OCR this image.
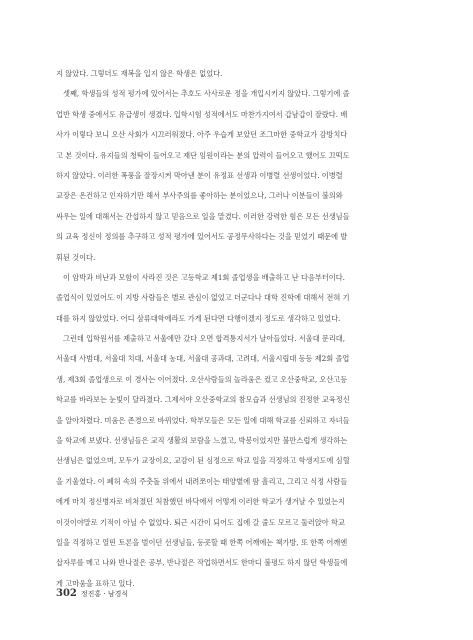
지 않았다. 그렇더도 재복을 입지 않은 학생은 없었다.
셋째, 학생들의 성적 평가에 있어서는 추호도 사사로운 정을 개입시키지 않았다. 그렇기에 졸
업반 학생 중에서도 유급생이 생겼다. 입학시험 성적에서도 마찬가지여서 갑남갑이 잘랐다. 배
사가 이렇다 보니 오산 사회가 시끄러워졌다. 아주 우습게 보았던 조그마한 중학교가 감방치다
고 본 것이다. 유지들의 청탁이 들어오고 재단 임원이라는 분의 압력이 들어오고 했어도 끄떡도
하지 않았다. 이러한 폭풍을 잘장시켜 막아낸 분이 유정표 선생과 이병렬 선생이었다. 이병렬
교장은 온건하고 인자하기만 해서 부사주의를 좋아하는 분이었으나, 그러나 이분들이 불의와
싸우는 일에 대해서는 간섭하지 않고 믿음으로 일을 맡겼다. 이러한 강력한 힘은 모든 선생님들
의 교육 정신이 정의를 추구하고 성적 평가에 있어서도 공정무사하다는 것을 믿었기 때문에 발
휘된 것이다.
이 암박과 비난과 모함이 사라진 것은 고등학교 제1회 졸업생을 배출하고 난 다음부터이다.
졸업식이 있었어도 이 지방 사람들은 별로 관심이 없었고 더군다나 대학 진학에 대해서 전혀 기
대를 하지 않았었다. 어디 삼류대학에라도 가게 된다면 다행이겠지 정도로 생각하고 있었다.
그런데 입학원서를 제출하고 서울에만 갔다 오면 합격통지서가 날아들었다. 서울대 문리대,
서울대 사범대, 서울대 치대, 서울대 농대, 서울대 공과대, 고려대, 서울시립대 등등 제2회 졸업
생, 제3회 졸업생으로 이 경사는 이어졌다. 오산사람들의 놀라움은 컸고 오산중학교, 오산고등
학교를 바라보는 눈빛이 달라졌다. 그제서야 오산중학교의 참모습과 선생님의 진정한 교육정신
을 알아차렸다. 미움은 존경으로 바뀌었다. 학부모들은 모든 일에 대해 학교를 신뢰하고 자녀들
을 학교에 보냈다. 선생님들은 교직 생활의 보람을 느꼈고, 박봉이었지만 불만스럽게 생각하는
선생님은 없었으며, 모두가 교장이요, 교감이 된 심정으로 학교 일을 걱정하고 학생지도에 심혈
을 기울였다. 이 폐허 속의 주춧돌 위에서 내려쪼이는 태양볕에 땀 흘리고, 그리고 식정 사람들
에게 마치 정신병자로 비쳐졌던 처참했던 바닥에서 어떻게 이러한 학교가 생겨날 수 있었는지
이것이야말로 기적이 아닐 수 없었다. 퇴근 시간이 되어도 집에 갈 줄도 모르고 둘러앉아 학교
일을 걱정하고 열띤 토론을 벌이던 선생님들, 등굣할 때 한쪽 어깨에는 책가방, 또 한쪽 어깨엔
삽자루를 메고 나와 반나절은 공부, 반나절은 작업하면서도 한마디 불평도 하지 않던 학생들에
게 고마움을 표하고 있다.
302 정진홍 · 남경식
